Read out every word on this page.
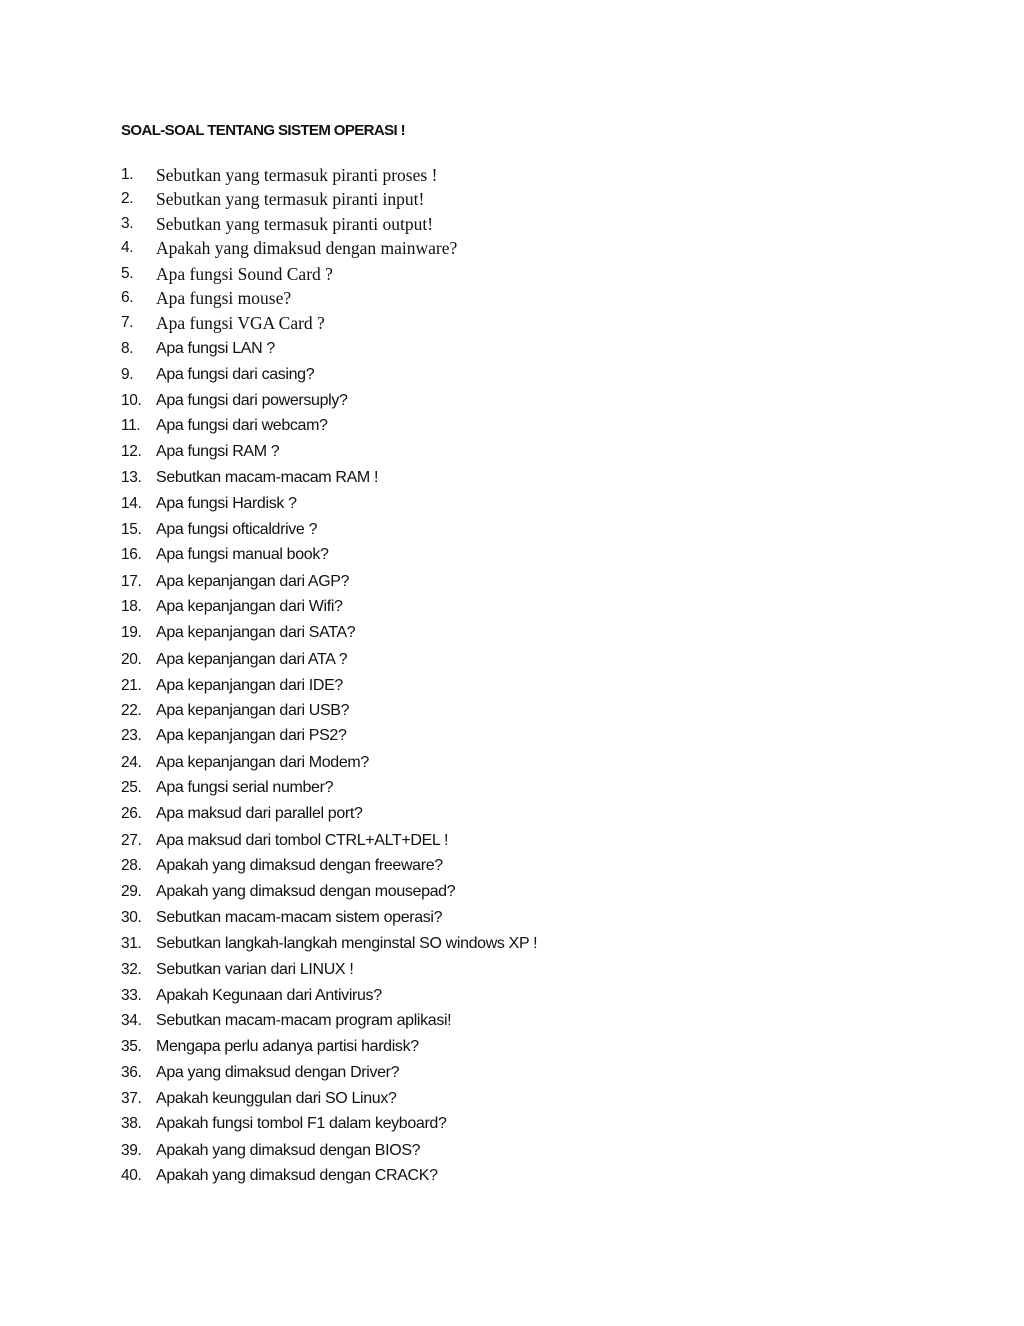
SOAL-SOAL TENTANG SISTEM OPERASI !
1. Sebutkan yang termasuk piranti proses !
2. Sebutkan yang termasuk piranti input!
3. Sebutkan yang termasuk piranti output!
4. Apakah yang dimaksud dengan mainware?
5. Apa fungsi Sound Card ?
6. Apa fungsi mouse?
7. Apa fungsi VGA Card ?
8. Apa fungsi LAN ?
9. Apa fungsi dari casing?
10. Apa fungsi dari powersuply?
11. Apa fungsi dari webcam?
12. Apa fungsi RAM ?
13. Sebutkan macam-macam RAM !
14. Apa fungsi Hardisk ?
15. Apa fungsi ofticaldrive ?
16. Apa fungsi manual book?
17. Apa kepanjangan dari AGP?
18. Apa kepanjangan dari Wifi?
19. Apa kepanjangan dari SATA?
20. Apa kepanjangan dari ATA ?
21. Apa kepanjangan dari IDE?
22. Apa kepanjangan dari USB?
23. Apa kepanjangan dari PS2?
24. Apa kepanjangan dari Modem?
25. Apa fungsi serial number?
26. Apa maksud dari parallel port?
27. Apa maksud dari tombol CTRL+ALT+DEL !
28. Apakah yang dimaksud dengan freeware?
29. Apakah yang dimaksud dengan mousepad?
30. Sebutkan macam-macam sistem operasi?
31. Sebutkan langkah-langkah menginstal SO windows XP !
32. Sebutkan varian dari LINUX !
33. Apakah Kegunaan dari Antivirus?
34. Sebutkan macam-macam program aplikasi!
35. Mengapa perlu adanya partisi hardisk?
36. Apa yang dimaksud dengan Driver?
37. Apakah keunggulan dari SO Linux?
38. Apakah fungsi tombol F1 dalam keyboard?
39. Apakah yang dimaksud dengan BIOS?
40. Apakah yang dimaksud dengan CRACK?
